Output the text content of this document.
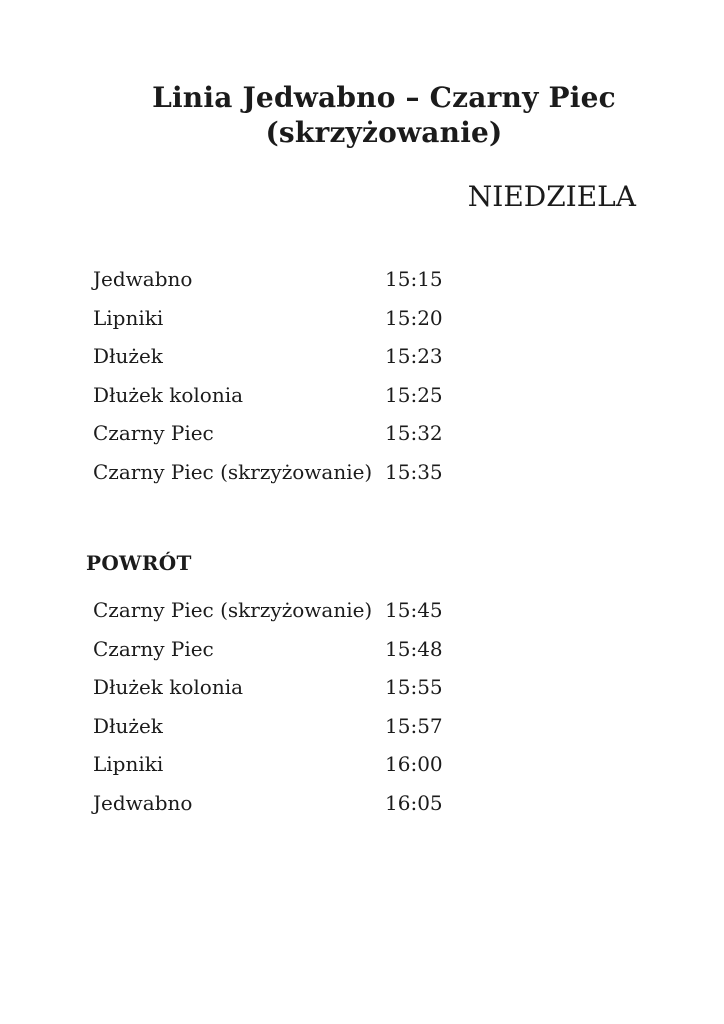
Linia Jedwabno – Czarny Piec
(skrzyżowanie)
NIEDZIELA
Jedwabno	15:15
Lipniki	15:20
Dłużek	15:23
Dłużek kolonia	15:25
Czarny Piec	15:32
Czarny Piec (skrzyżowanie) 15:35
POWRÓT
Czarny Piec (skrzyżowanie) 15:45
Czarny Piec	15:48
Dłużek kolonia	15:55
Dłużek	15:57
Lipniki	16:00
Jedwabno	16:05
